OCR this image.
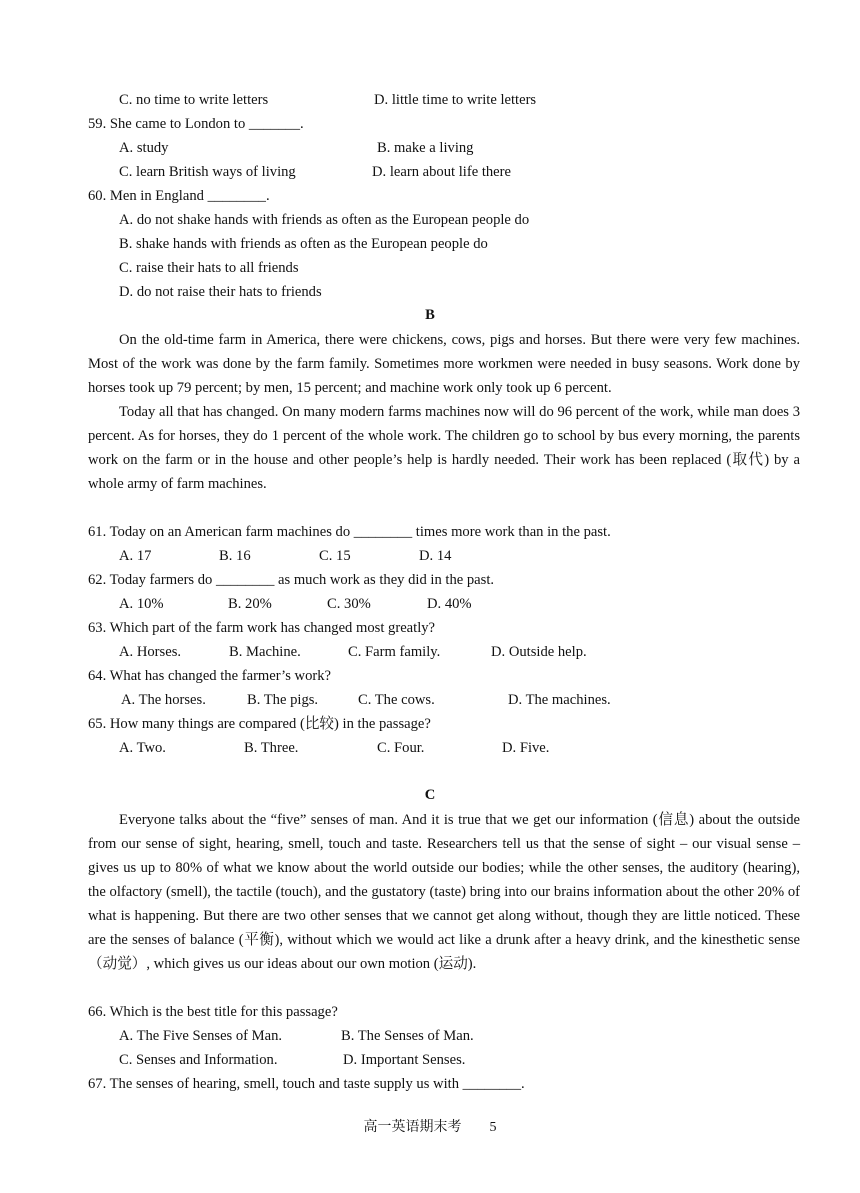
C. no time to write letters	D. little time to write letters
59. She came to London to _______.
A. study	B. make a living
C. learn British ways of living	D. learn about life there
60. Men in England ________.
A. do not shake hands with friends as often as the European people do
B. shake hands with friends as often as the European people do
C. raise their hats to all friends
D. do not raise their hats to friends
B

On the old-time farm in America, there were chickens, cows, pigs and horses. But there were very few machines. Most of the work was done by the farm family. Sometimes more workmen were needed in busy seasons. Work done by horses took up 79 percent; by men, 15 percent; and machine work only took up 6 percent.

Today all that has changed. On many modern farms machines now will do 96 percent of the work, while man does 3 percent. As for horses, they do 1 percent of the whole work. The children go to school by bus every morning, the parents work on the farm or in the house and other people’s help is hardly needed. Their work has been replaced (取代) by a whole army of farm machines.

61. Today on an American farm machines do ________ times more work than in the past.
A. 17	B. 16	C. 15	D. 14
62. Today farmers do ________ as much work as they did in the past.
A. 10%	B. 20%	C. 30%	D. 40%
63. Which part of the farm work has changed most greatly?
A. Horses.	B. Machine.	C. Farm family.	D. Outside help.
64. What has changed the farmer’s work?
A. The horses.	B. The pigs.	C. The cows.	D. The machines.
65. How many things are compared (比较) in the passage?
A. Two.	B. Three.	C. Four.	D. Five.
C

Everyone talks about the “five” senses of man. And it is true that we get our information (信息) about the outside from our sense of sight, hearing, smell, touch and taste. Researchers tell us that the sense of sight – our visual sense –gives us up to 80% of what we know about the world outside our bodies; while the other senses, the auditory (hearing), the olfactory (smell), the tactile (touch), and the gustatory (taste) bring into our brains information about the other 20% of what is happening. But there are two other senses that we cannot get along without, though they are little noticed. These are the senses of balance (平衡), without which we would act like a drunk after a heavy drink, and the kinesthetic sense（动觉）, which gives us our ideas about our own motion (运动).

66. Which is the best title for this passage?
A. The Five Senses of Man.	B. The Senses of Man.
C. Senses and Information.	D. Important Senses.
67. The senses of hearing, smell, touch and taste supply us with ________.
高一英语期末考 5
